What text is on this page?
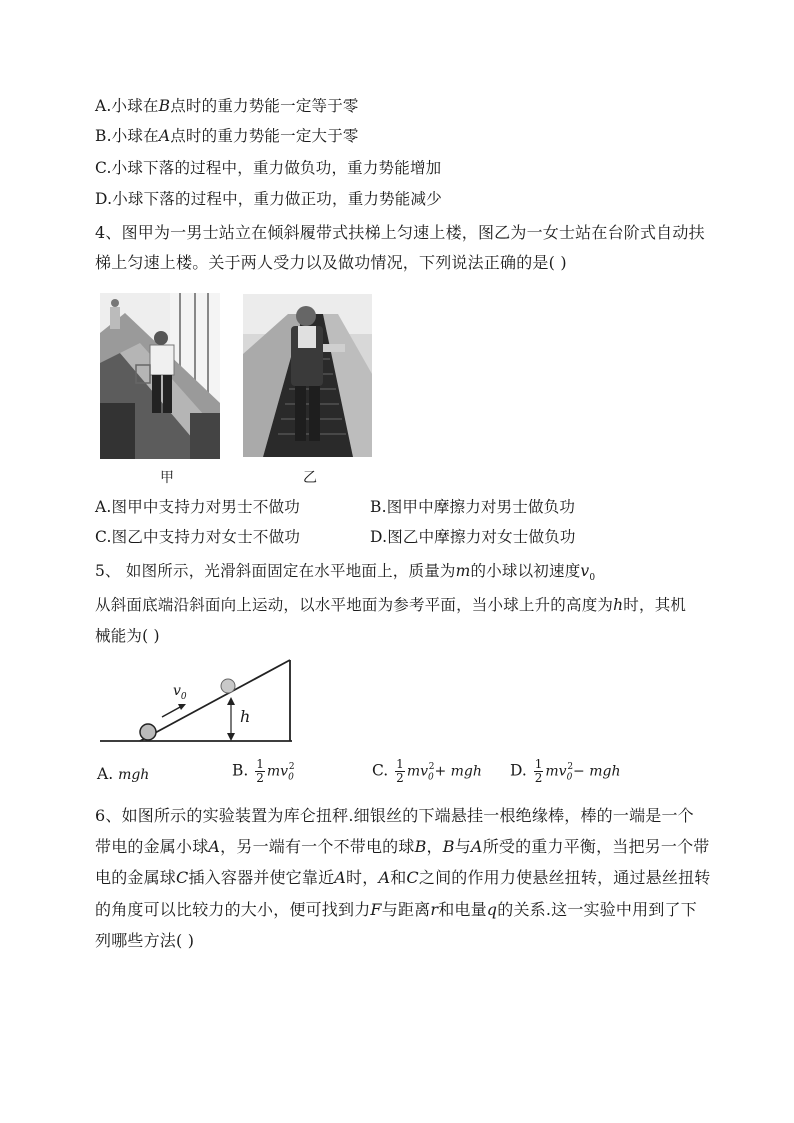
A.小球在B点时的重力势能一定等于零
B.小球在A点时的重力势能一定大于零
C.小球下落的过程中，重力做负功，重力势能增加
D.小球下落的过程中，重力做正功，重力势能减少
4、图甲为一男士站立在倾斜履带式扶梯上匀速上楼，图乙为一女士站在台阶式自动扶
梯上匀速上楼。关于两人受力以及做功情况，下列说法正确的是( )
甲	乙
A.图甲中支持力对男士不做功	B.图甲中摩擦力对男士做负功
C.图乙中支持力对女士不做功	D.图乙中摩擦力对女士做负功
5、 如图所示，光滑斜面固定在水平地面上，质量为m的小球以初速度$v_0$
从斜面底端沿斜面向上运动，以水平地面为参考平面，当小球上升的高度为h时，其机
械能为( )
$v_0$
h
A. mgh	B. $\frac{1}{2} mv_0^2$	C. $\frac{1}{2} mv_0^2+$ mgh D. $\frac{1}{2} mv_0^2-$ mgh
6、如图所示的实验装置为库仑扭秤.细银丝的下端悬挂一根绝缘棒，棒的一端是一个
带电的金属小球A，另一端有一个不带电的球B，B与A所受的重力平衡，当把另一个带
电的金属球C插入容器并使它靠近A时，A和C之间的作用力使悬丝扭转，通过悬丝扭转
的角度可以比较力的大小，便可找到力F与距离r和电量q的关系.这一实验中用到了下
列哪些方法( )
